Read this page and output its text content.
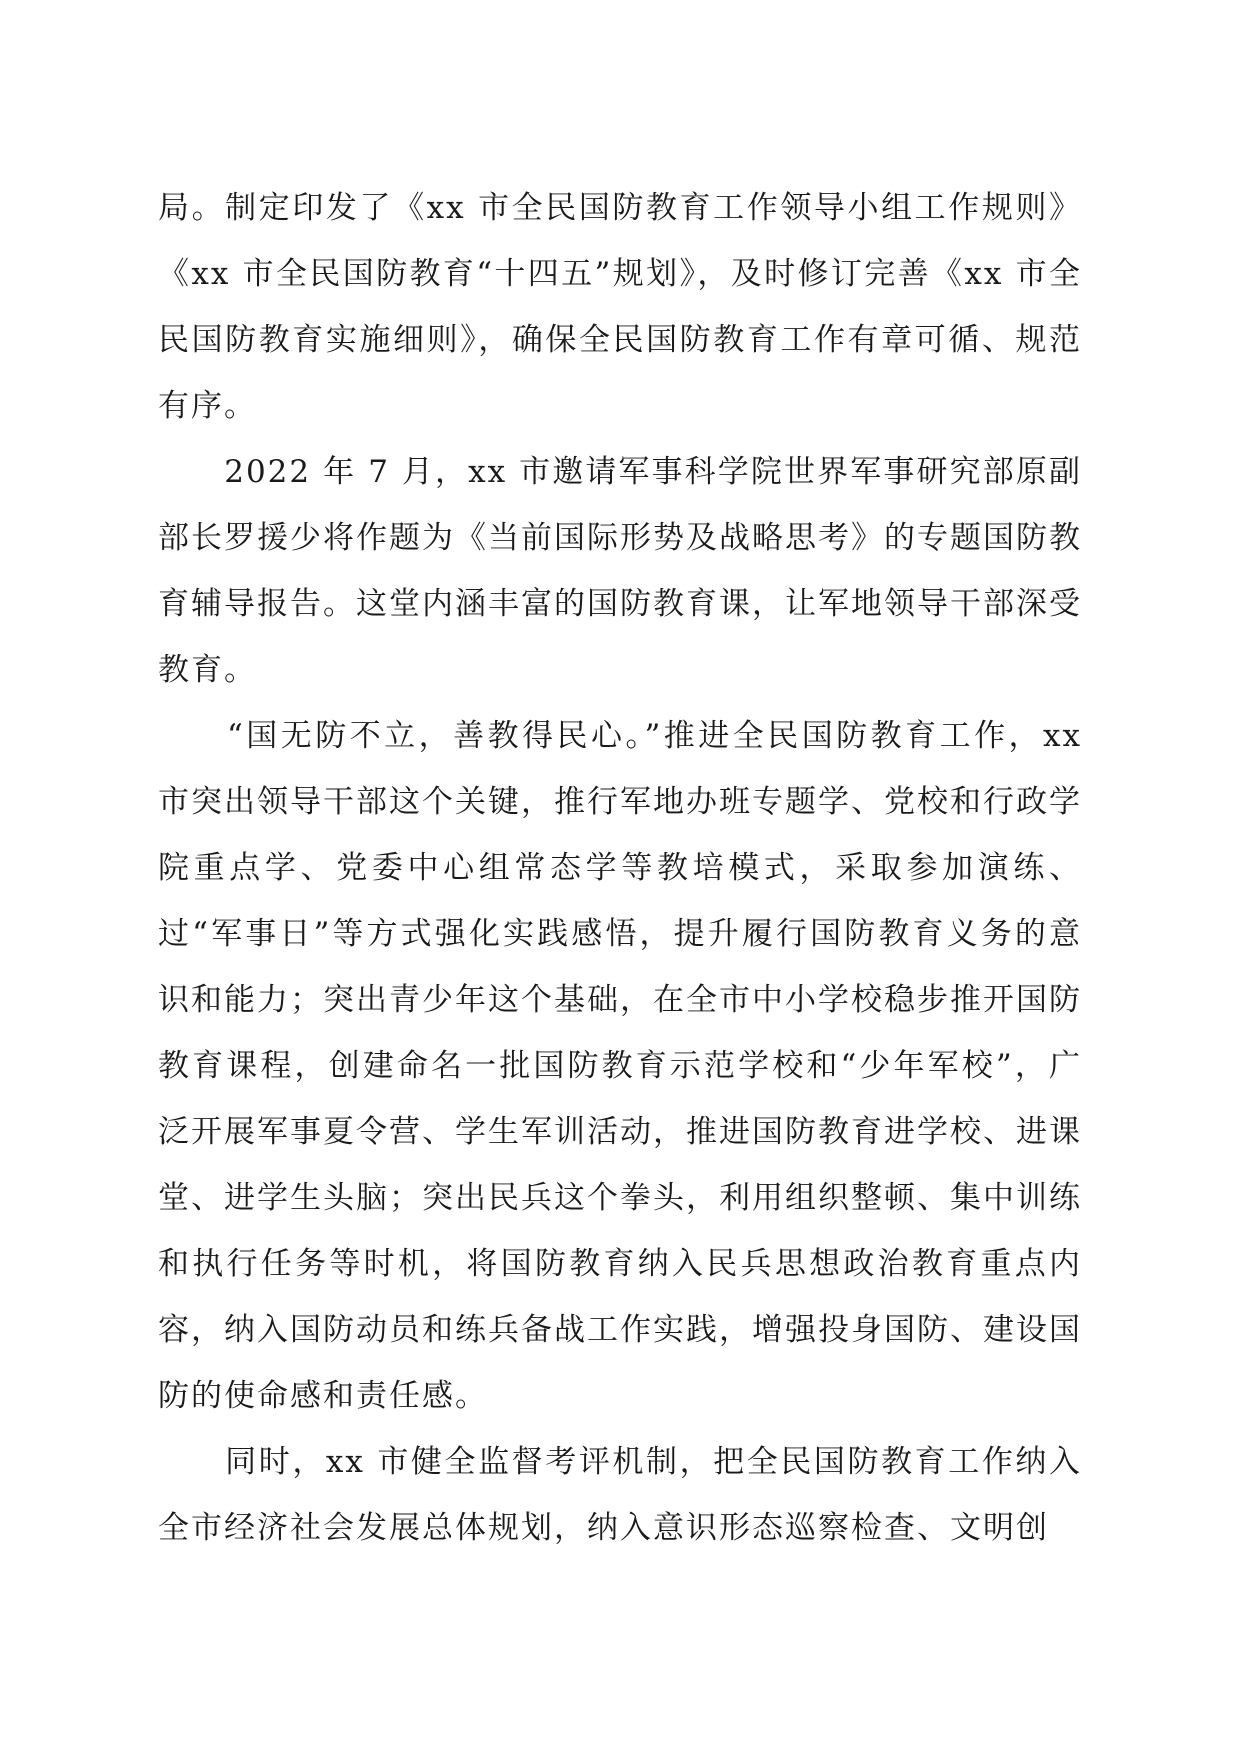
局。制定印发了《xx 市全民国防教育工作领导小组工作规则》《xx 市全民国防教育“十四五”规划》，及时修订完善《xx 市全民国防教育实施细则》，确保全民国防教育工作有章可循、规范有序。

　　2022 年 7 月，xx 市邀请军事科学院世界军事研究部原副部长罗援少将作题为《当前国际形势及战略思考》的专题国防教育辅导报告。这堂内涵丰富的国防教育课，让军地领导干部深受教育。

　　“国无防不立，善教得民心。”推进全民国防教育工作，xx 市突出领导干部这个关键，推行军地办班专题学、党校和行政学院重点学、党委中心组常态学等教培模式，采取参加演练、过“军事日”等方式强化实践感悟，提升履行国防教育义务的意识和能力；突出青少年这个基础，在全市中小学校稳步推开国防教育课程，创建命名一批国防教育示范学校和“少年军校”，广泛开展军事夏令营、学生军训活动，推进国防教育进学校、进课堂、进学生头脑；突出民兵这个拳头，利用组织整顿、集中训练和执行任务等时机，将国防教育纳入民兵思想政治教育重点内容，纳入国防动员和练兵备战工作实践，增强投身国防、建设国防的使命感和责任感。

　　同时，xx 市健全监督考评机制，把全民国防教育工作纳入全市经济社会发展总体规划，纳入意识形态巡察检查、文明创
